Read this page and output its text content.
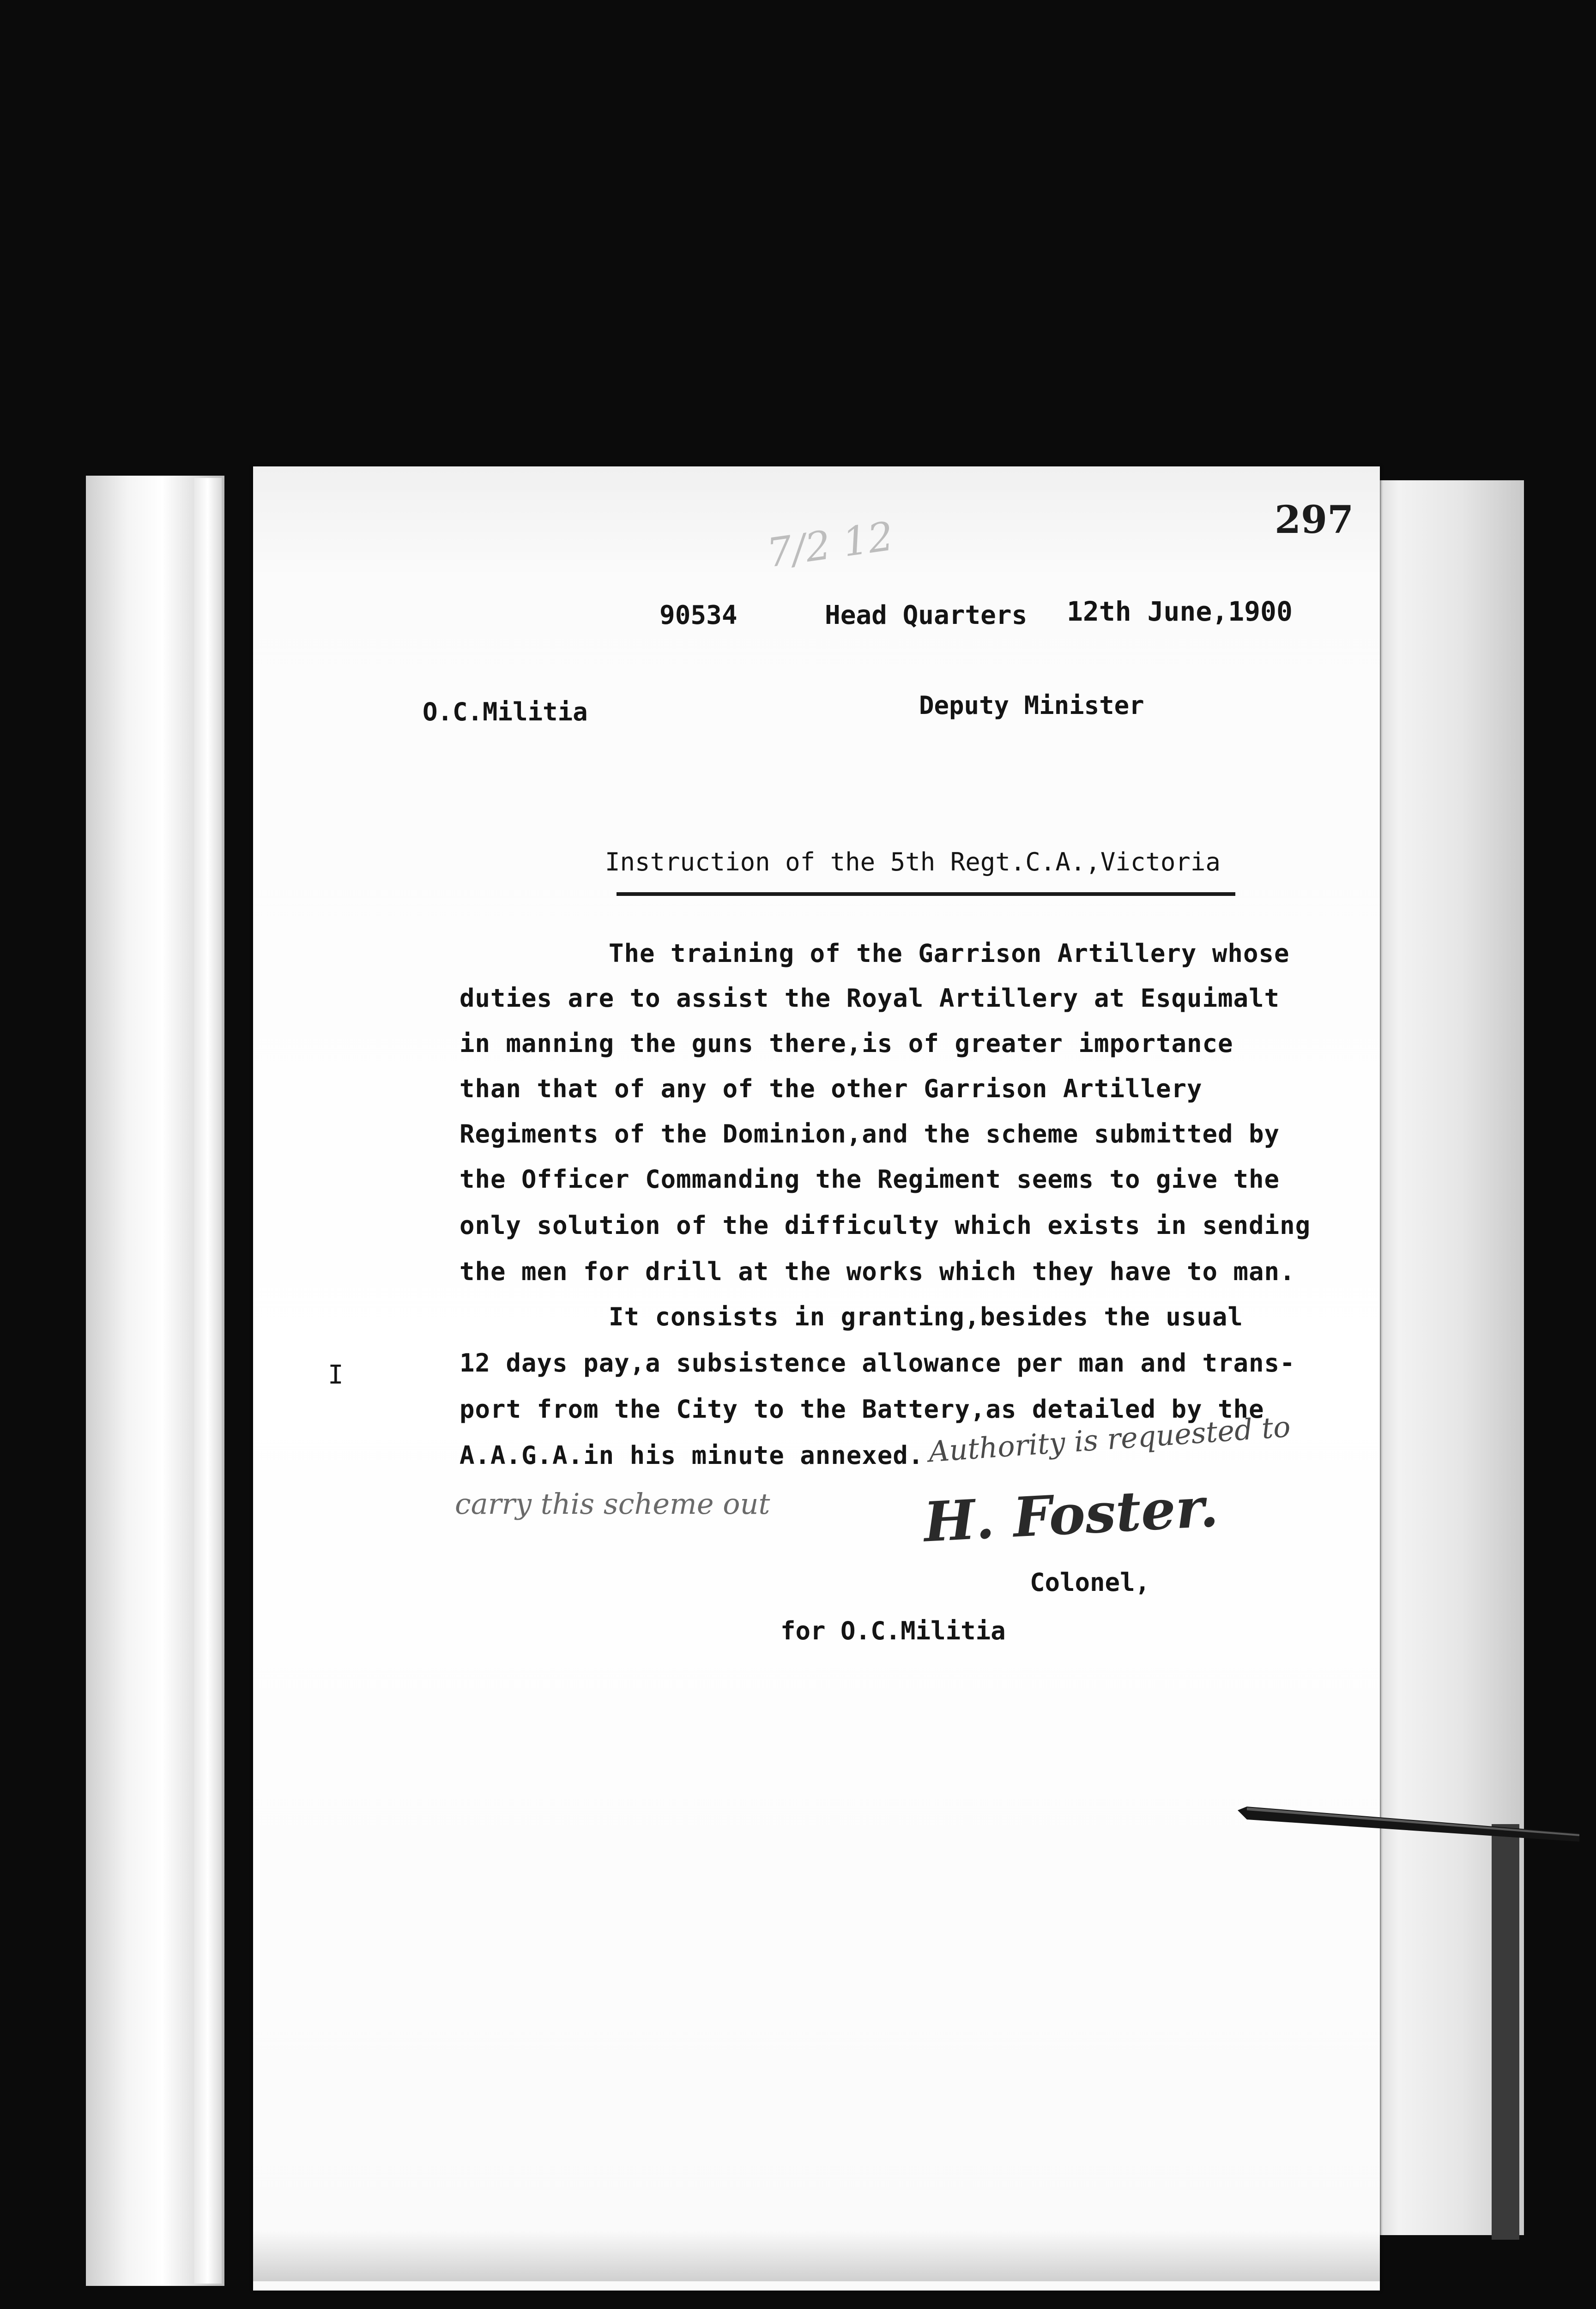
297
7/2 12
90534	Head Quarters 12th June,1900
O.C.Militia	Deputy Minister
Instruction of the 5th Regt.C.A.,Victoria
The training of the Garrison Artillery whose
duties are to assist the Royal Artillery at Esquimalt
in manning the guns there,is of greater importance
than that of any of the other Garrison Artillery
Regiments of the Dominion,and the scheme submitted by
the Officer Commanding the Regiment seems to give the
only solution of the difficulty which exists in sending
the men for drill at the works which they have to man.
It consists in granting,besides the usual
12 days pay,a subsistence allowance per man and trans-
port from the City to the Battery,as detailed by the
A.A.G.A.in his minute annexed.
I
Authority is requested to
carry this scheme out	H. Foster.
Colonel,
for O.C.Militia
